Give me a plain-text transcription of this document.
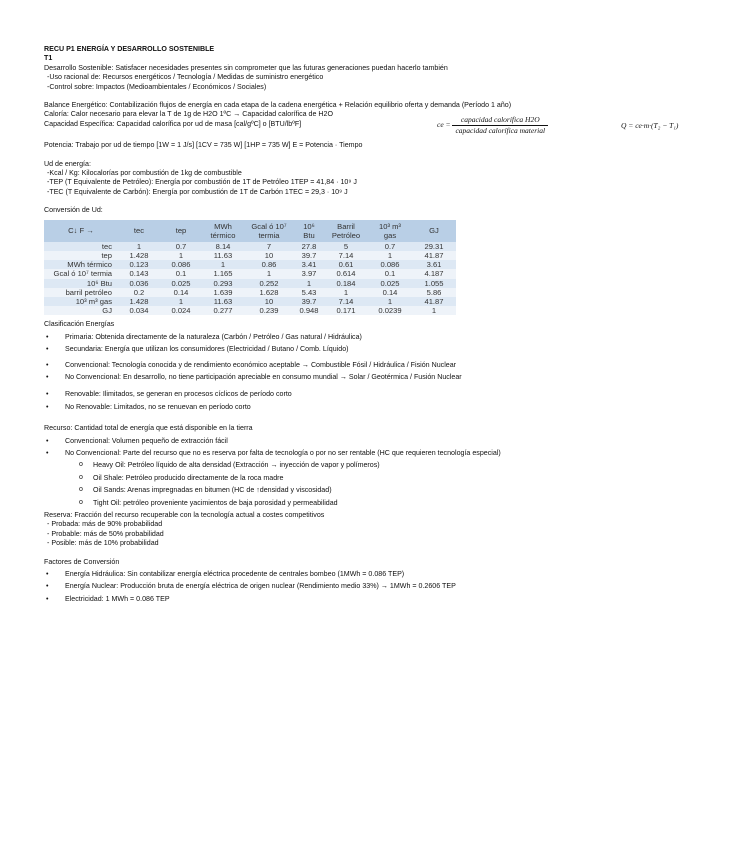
RECU P1 ENERGÍA Y DESARROLLO SOSTENIBLE
T1
Desarrollo Sostenible: Satisfacer necesidades presentes sin comprometer que las futuras generaciones puedan hacerlo también
-Uso racional de: Recursos energéticos / Tecnología / Medidas de suministro energético
-Control sobre: Impactos (Medioambientales / Económicos / Sociales)
Balance Energético: Contabilización flujos de energía en cada etapa de la cadena energética + Relación equilibrio oferta y demanda (Período 1 año)
Caloría: Calor necesario para elevar la T de 1g de H2O 1ºC → Capacidad calorífica de H2O
Capacidad Específica: Capacidad calorífica por ud de masa [cal/gºC] o [BTU/lbºF]	ce = $\frac{\text{capacidad calorífica H2O}}{\text{capacidad calorífica material}}$	Q = ce·m·(T₂ − T₁)
Potencia: Trabajo por ud de tiempo [1W = 1 J/s] [1CV = 735 W] [1HP = 735 W] E = Potencia · Tiempo
Ud de energía:
-Kcal / Kg: Kilocalorías por combustión de 1kg de combustible
-TEP (T Equivalente de Petróleo): Energía por combustión de 1T de Petróleo 1TEP = 41,84 · 10⁹ J
-TEC (T Equivalente de Carbón): Energía por combustión de 1T de Carbón 1TEC = 29,3 · 10⁹ J
Conversión de Ud:
C↓ F →	tec	tep	MWh térmico	Gcal ó 10⁷ termia	10⁶ Btu	Barril Petróleo	10³ m³ gas	GJ
tec	1	0.7	8.14	7	27.8	5	0.7	29.31
tep	1.428	1	11.63	10	39.7	7.14	1	41.87
MWh térmico	0.123	0.086	1	0.86	3.41	0.61	0.086	3.61
Gcal ó 10⁷ termia	0.143	0.1	1.165	1	3.97	0.614	0.1	4.187
10⁶ Btu	0.036	0.025	0.293	0.252	1	0.184	0.025	1.055
barril petróleo	0.2	0.14	1.639	1.628	5.43	1	0.14	5.86
10³ m³ gas	1.428	1	11.63	10	39.7	7.14	1	41.87
GJ	0.034	0.024	0.277	0.239	0.948	0.171	0.0239	1
Clasificación Energías
• Primaria: Obtenida directamente de la naturaleza (Carbón / Petróleo / Gas natural / Hidráulica)
• Secundaria: Energía que utilizan los consumidores (Electricidad / Butano / Comb. Líquido)
• Convencional: Tecnología conocida y de rendimiento económico aceptable → Combustible Fósil / Hidráulica / Fisión Nuclear
• No Convencional: En desarrollo, no tiene participación apreciable en consumo mundial → Solar / Geotérmica / Fusión Nuclear
• Renovable: Ilimitados, se generan en procesos cíclicos de período corto
• No Renovable: Limitados, no se renuevan en período corto
Recurso: Cantidad total de energía que está disponible en la tierra
• Convencional: Volumen pequeño de extracción fácil
• No Convencional: Parte del recurso que no es reserva por falta de tecnología o por no ser rentable (HC que requieren tecnología especial)
o Heavy Oil: Petróleo líquido de alta densidad (Extracción → inyección de vapor y polímeros)
o Oil Shale: Petróleo producido directamente de la roca madre
o Oil Sands: Arenas impregnadas en bitumen (HC de ↑densidad y viscosidad)
o Tight Oil: petróleo proveniente yacimientos de baja porosidad y permeabilidad
Reserva: Fracción del recurso recuperable con la tecnología actual a costes competitivos
- Probada: más de 90% probabilidad
- Probable: más de 50% probabilidad
- Posible: más de 10% probabilidad
Factores de Conversión
• Energía Hidráulica: Sin contabilizar energía eléctrica procedente de centrales bombeo (1MWh = 0.086 TEP)
• Energía Nuclear: Producción bruta de energía eléctrica de origen nuclear (Rendimiento medio 33%) → 1MWh = 0.2606 TEP
• Electricidad: 1 MWh = 0.086 TEP
